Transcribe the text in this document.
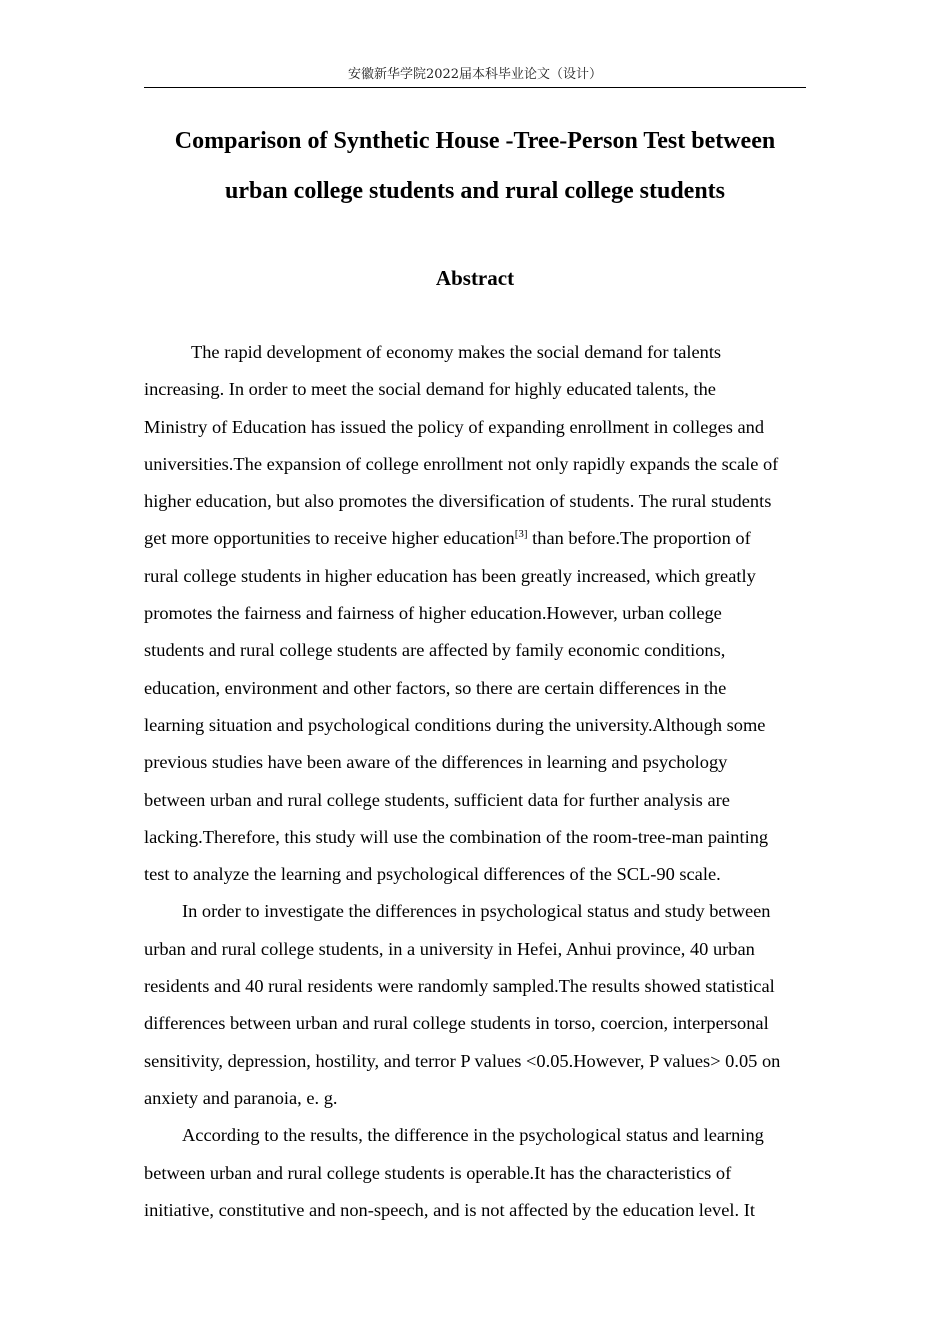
安徽新华学院2022届本科毕业论文（设计）
Comparison of Synthetic House -Tree-Person Test between
urban college students and rural college students
Abstract
The rapid development of economy makes the social demand for talents
increasing. In order to meet the social demand for highly educated talents, the
Ministry of Education has issued the policy of expanding enrollment in colleges and
universities.The expansion of college enrollment not only rapidly expands the scale of
higher education, but also promotes the diversification of students. The rural students
get more opportunities to receive higher education[3] than before.The proportion of
rural college students in higher education has been greatly increased, which greatly
promotes the fairness and fairness of higher education.However, urban college
students and rural college students are affected by family economic conditions,
education, environment and other factors, so there are certain differences in the
learning situation and psychological conditions during the university.Although some
previous studies have been aware of the differences in learning and psychology
between urban and rural college students, sufficient data for further analysis are
lacking.Therefore, this study will use the combination of the room-tree-man painting
test to analyze the learning and psychological differences of the SCL-90 scale.
In order to investigate the differences in psychological status and study between
urban and rural college students, in a university in Hefei, Anhui province, 40 urban
residents and 40 rural residents were randomly sampled.The results showed statistical
differences between urban and rural college students in torso, coercion, interpersonal
sensitivity, depression, hostility, and terror P values <0.05.However, P values> 0.05 on
anxiety and paranoia, e. g.
According to the results, the difference in the psychological status and learning
between urban and rural college students is operable.It has the characteristics of
initiative, constitutive and non-speech, and is not affected by the education level. It
